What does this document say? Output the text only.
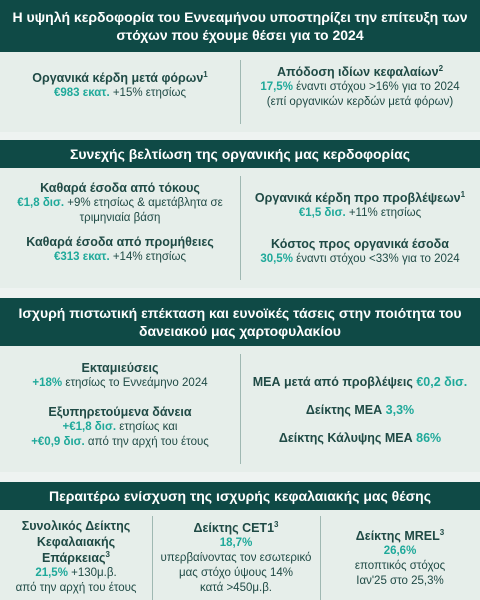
Η υψηλή κερδοφορία του Εννεαμήνου υποστηρίζει την επίτευξη των στόχων που έχουμε θέσει για το 2024
Οργανικά κέρδη μετά φόρων$^1$
€983 εκατ. +15% ετησίως
Απόδοση ιδίων κεφαλαίων$^2$
17,5% έναντι στόχου >16% για το 2024
(επί οργανικών κερδών μετά φόρων)
Συνεχής βελτίωση της οργανικής μας κερδοφορίας
Καθαρά έσοδα από τόκους
€1,8 δισ. +9% ετησίως & αμετάβλητα σε
τριμηνιαία βάση
Καθαρά έσοδα από προμήθειες
€313 εκατ. +14% ετησίως
Οργανικά κέρδη προ προβλέψεων$^1$
€1,5 δισ. +11% ετησίως
Κόστος προς οργανικά έσοδα
30,5% έναντι στόχου <33% για το 2024
Ισχυρή πιστωτική επέκταση και ευνοϊκές τάσεις στην ποιότητα του δανειακού μας χαρτοφυλακίου
Εκταμιεύσεις
+18% ετησίως το Εννεάμηνο 2024
Εξυπηρετούμενα δάνεια
+€1,8 δισ. ετησίως και
+€0,9 δισ. από την αρχή του έτους
ΜΕΑ μετά από προβλέψεις €0,2 δισ.
Δείκτης ΜΕΑ 3,3%
Δείκτης Κάλυψης ΜΕΑ 86%
Περαιτέρω ενίσχυση της ισχυρής κεφαλαιακής μας θέσης
Συνολικός Δείκτης
Κεφαλαιακής
Επάρκειας$^3$
21,5% +130μ.β.
από την αρχή του έτους
Δείκτης $CET1^3$
18,7%
υπερβαίνοντας τον εσωτερικό
μας στόχο ύψους 14%
κατά >450μ.β.
Δείκτης MREL$^3$
26,6%
εποπτικός στόχος
Ιαν'25 στο 25,3%
